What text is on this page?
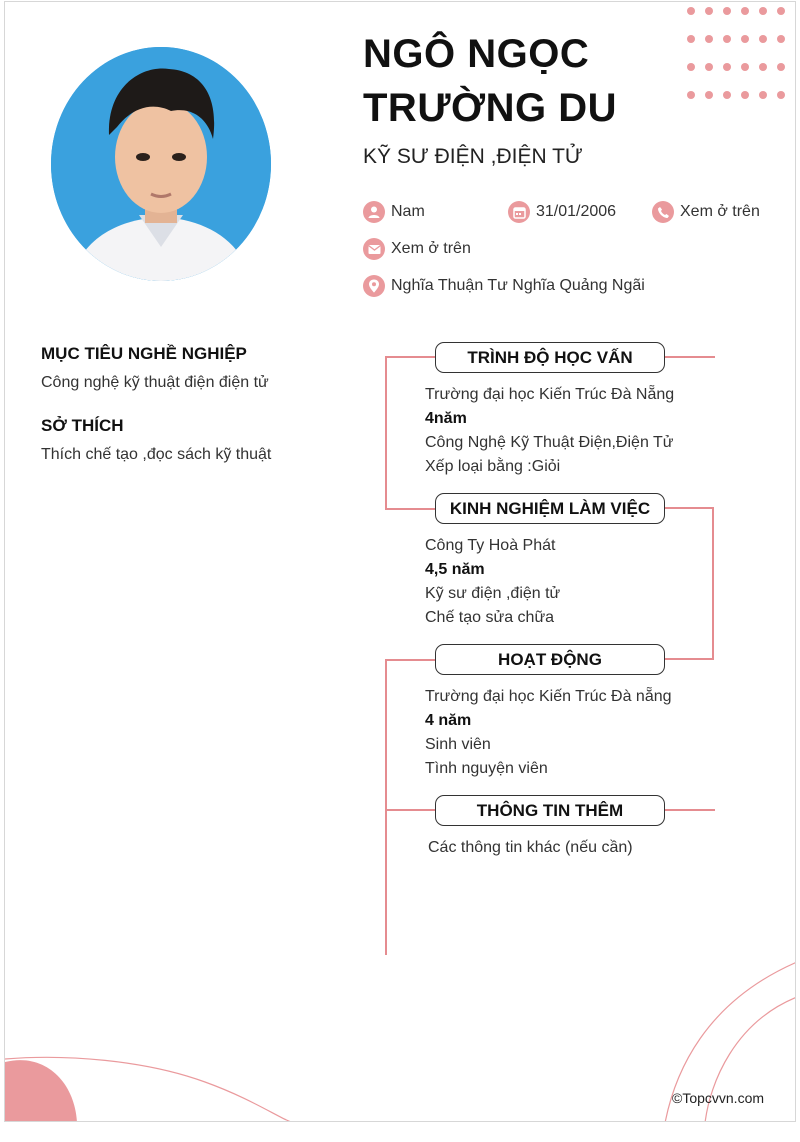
NGÔ NGỌC
TRƯỜNG DU
KỸ SƯ ĐIỆN ,ĐIỆN TỬ
Nam	31/01/2006	Xem ở trên
Xem ở trên
Nghĩa Thuận Tư Nghĩa Quảng Ngãi
MỤC TIÊU NGHỀ NGHIỆP
Công nghệ kỹ thuật điện điện tử
SỞ THÍCH
Thích chế tạo ,đọc sách kỹ thuật
TRÌNH ĐỘ HỌC VẤN
Trường đại học Kiến Trúc Đà Nẵng
4năm
Công Nghệ Kỹ Thuật Điện,Điện Tử
Xếp loại bằng :Giỏi
KINH NGHIỆM LÀM VIỆC
Công Ty Hoà Phát
4,5 năm
Kỹ sư điện ,điện tử
Chế tạo sửa chữa
HOẠT ĐỘNG
Trường đại học Kiến Trúc Đà nẵng
4 năm
Sinh viên
Tình nguyện viên
THÔNG TIN THÊM
Các thông tin khác (nếu cần)
©Topcvvn.com
